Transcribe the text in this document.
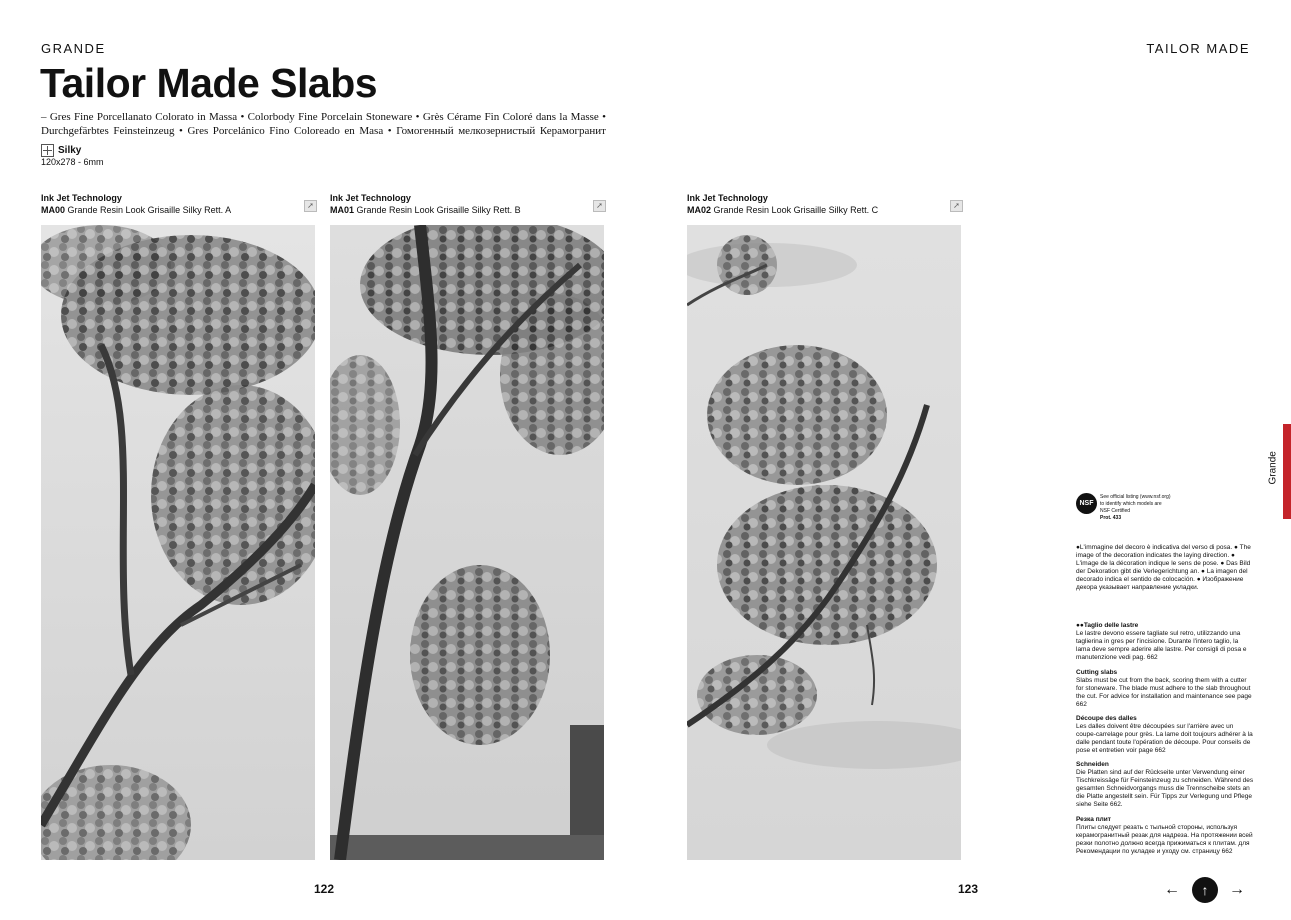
GRANDE	TAILOR MADE
Tailor Made Slabs
– Gres Fine Porcellanato Colorato in Massa • Colorbody Fine Porcelain Stoneware • Grès Cérame Fin Coloré dans la Masse •
Durchgefärbtes Feinsteinzeug • Gres Porcelánico Fino Coloreado en Masa • Гомогенный мелкозернистый Керамогранит
Silky
120x278 - 6mm
Ink Jet Technology
MA00 Grande Resin Look Grisaille Silky Rett. A	➚
Ink Jet Technology
MA01 Grande Resin Look Grisaille Silky Rett. B	➚
Ink Jet Technology
MA02 Grande Resin Look Grisaille Silky Rett. C	➚
122	123
Grande
NSF
See official listing (www.nsf.org)
to identify which models are
NSF Certified
Prot. 433
●L'immagine del decoro è indicativa del verso di posa. ● The image of the decoration indicates the laying direction. ● L'image de la décoration indique le sens de pose. ● Das Bild der Dekoration gibt die Verlegerichtung an. ● La imagen del decorado indica el sentido de colocación. ● Изображение декора указывает направление укладки.
●●Taglio delle lastre
Le lastre devono essere tagliate sul retro, utilizzando una taglierina in gres per l'incisione. Durante l'intero taglio, la lama deve sempre aderire alle lastre. Per consigli di posa e manutenzione vedi pag. 662
Cutting slabs
Slabs must be cut from the back, scoring them with a cutter for stoneware. The blade must adhere to the slab throughout the cut. For advice for installation and maintenance see page 662
Découpe des dalles
Les dalles doivent être découpées sur l'arrière avec un coupe-carrelage pour grès. La lame doit toujours adhérer à la dalle pendant toute l'opération de découpe. Pour conseils de pose et entretien voir page 662
Schneiden
Die Platten sind auf der Rückseite unter Verwendung einer Tischkreissäge für Feinsteinzeug zu schneiden. Während des gesamten Schneidvorgangs muss die Trennscheibe stets an die Platte angestellt sein. Für Tipps zur Verlegung und Pflege siehe Seite 662.
Резка плит
Плиты следует резать с тыльной стороны, используя керамогранитный резак для надреза. На протяжении всей резки полотно должно всегда прижиматься к плитам. для Рекомендации по укладке и уходу см. страницу 662
←	↑	→
